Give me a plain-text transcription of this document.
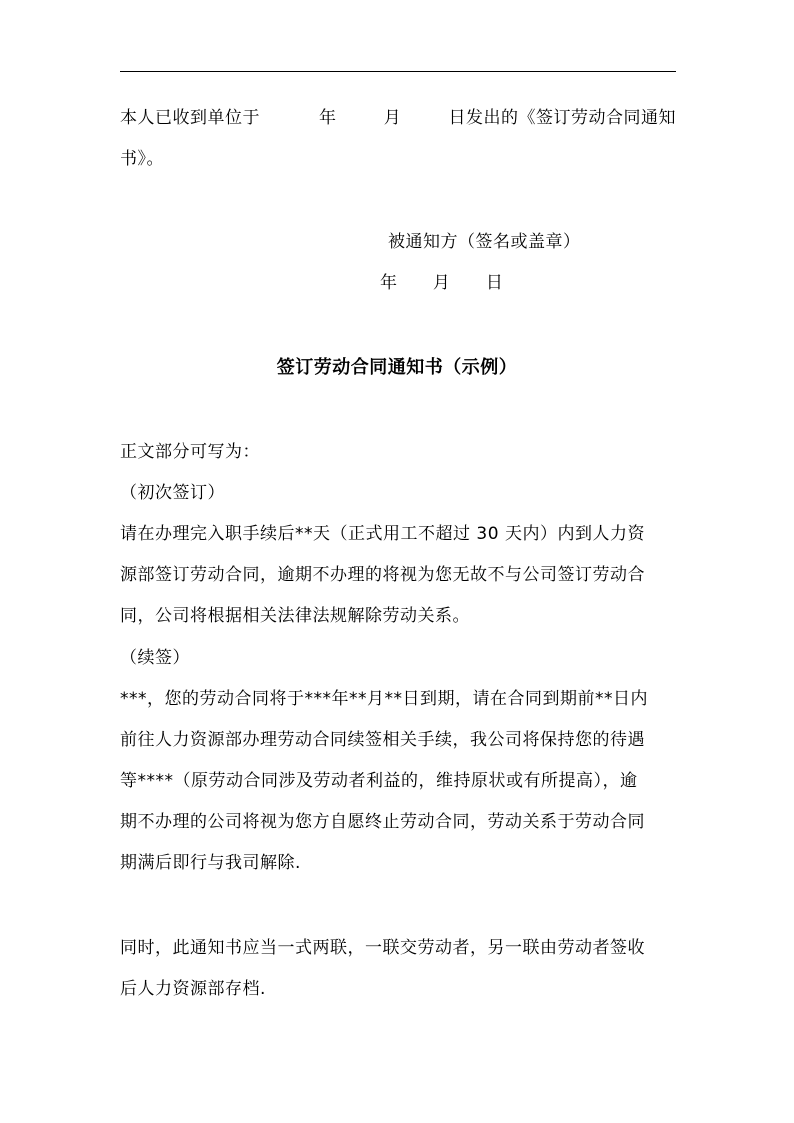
本人已收到单位于          年        月        日发出的《签订劳动合同通知
书》。
被通知方（签名或盖章）
年      月      日
签订劳动合同通知书（示例）
正文部分可写为：
（初次签订）
请在办理完入职手续后**天（正式用工不超过 30 天内）内到人力资
源部签订劳动合同，逾期不办理的将视为您无故不与公司签订劳动合
同，公司将根据相关法律法规解除劳动关系。
（续签）
***，您的劳动合同将于***年**月**日到期，请在合同到期前**日内
前往人力资源部办理劳动合同续签相关手续，我公司将保持您的待遇
等****（原劳动合同涉及劳动者利益的，维持原状或有所提高），逾
期不办理的公司将视为您方自愿终止劳动合同，劳动关系于劳动合同
期满后即行与我司解除.
同时，此通知书应当一式两联，一联交劳动者，另一联由劳动者签收
后人力资源部存档.
